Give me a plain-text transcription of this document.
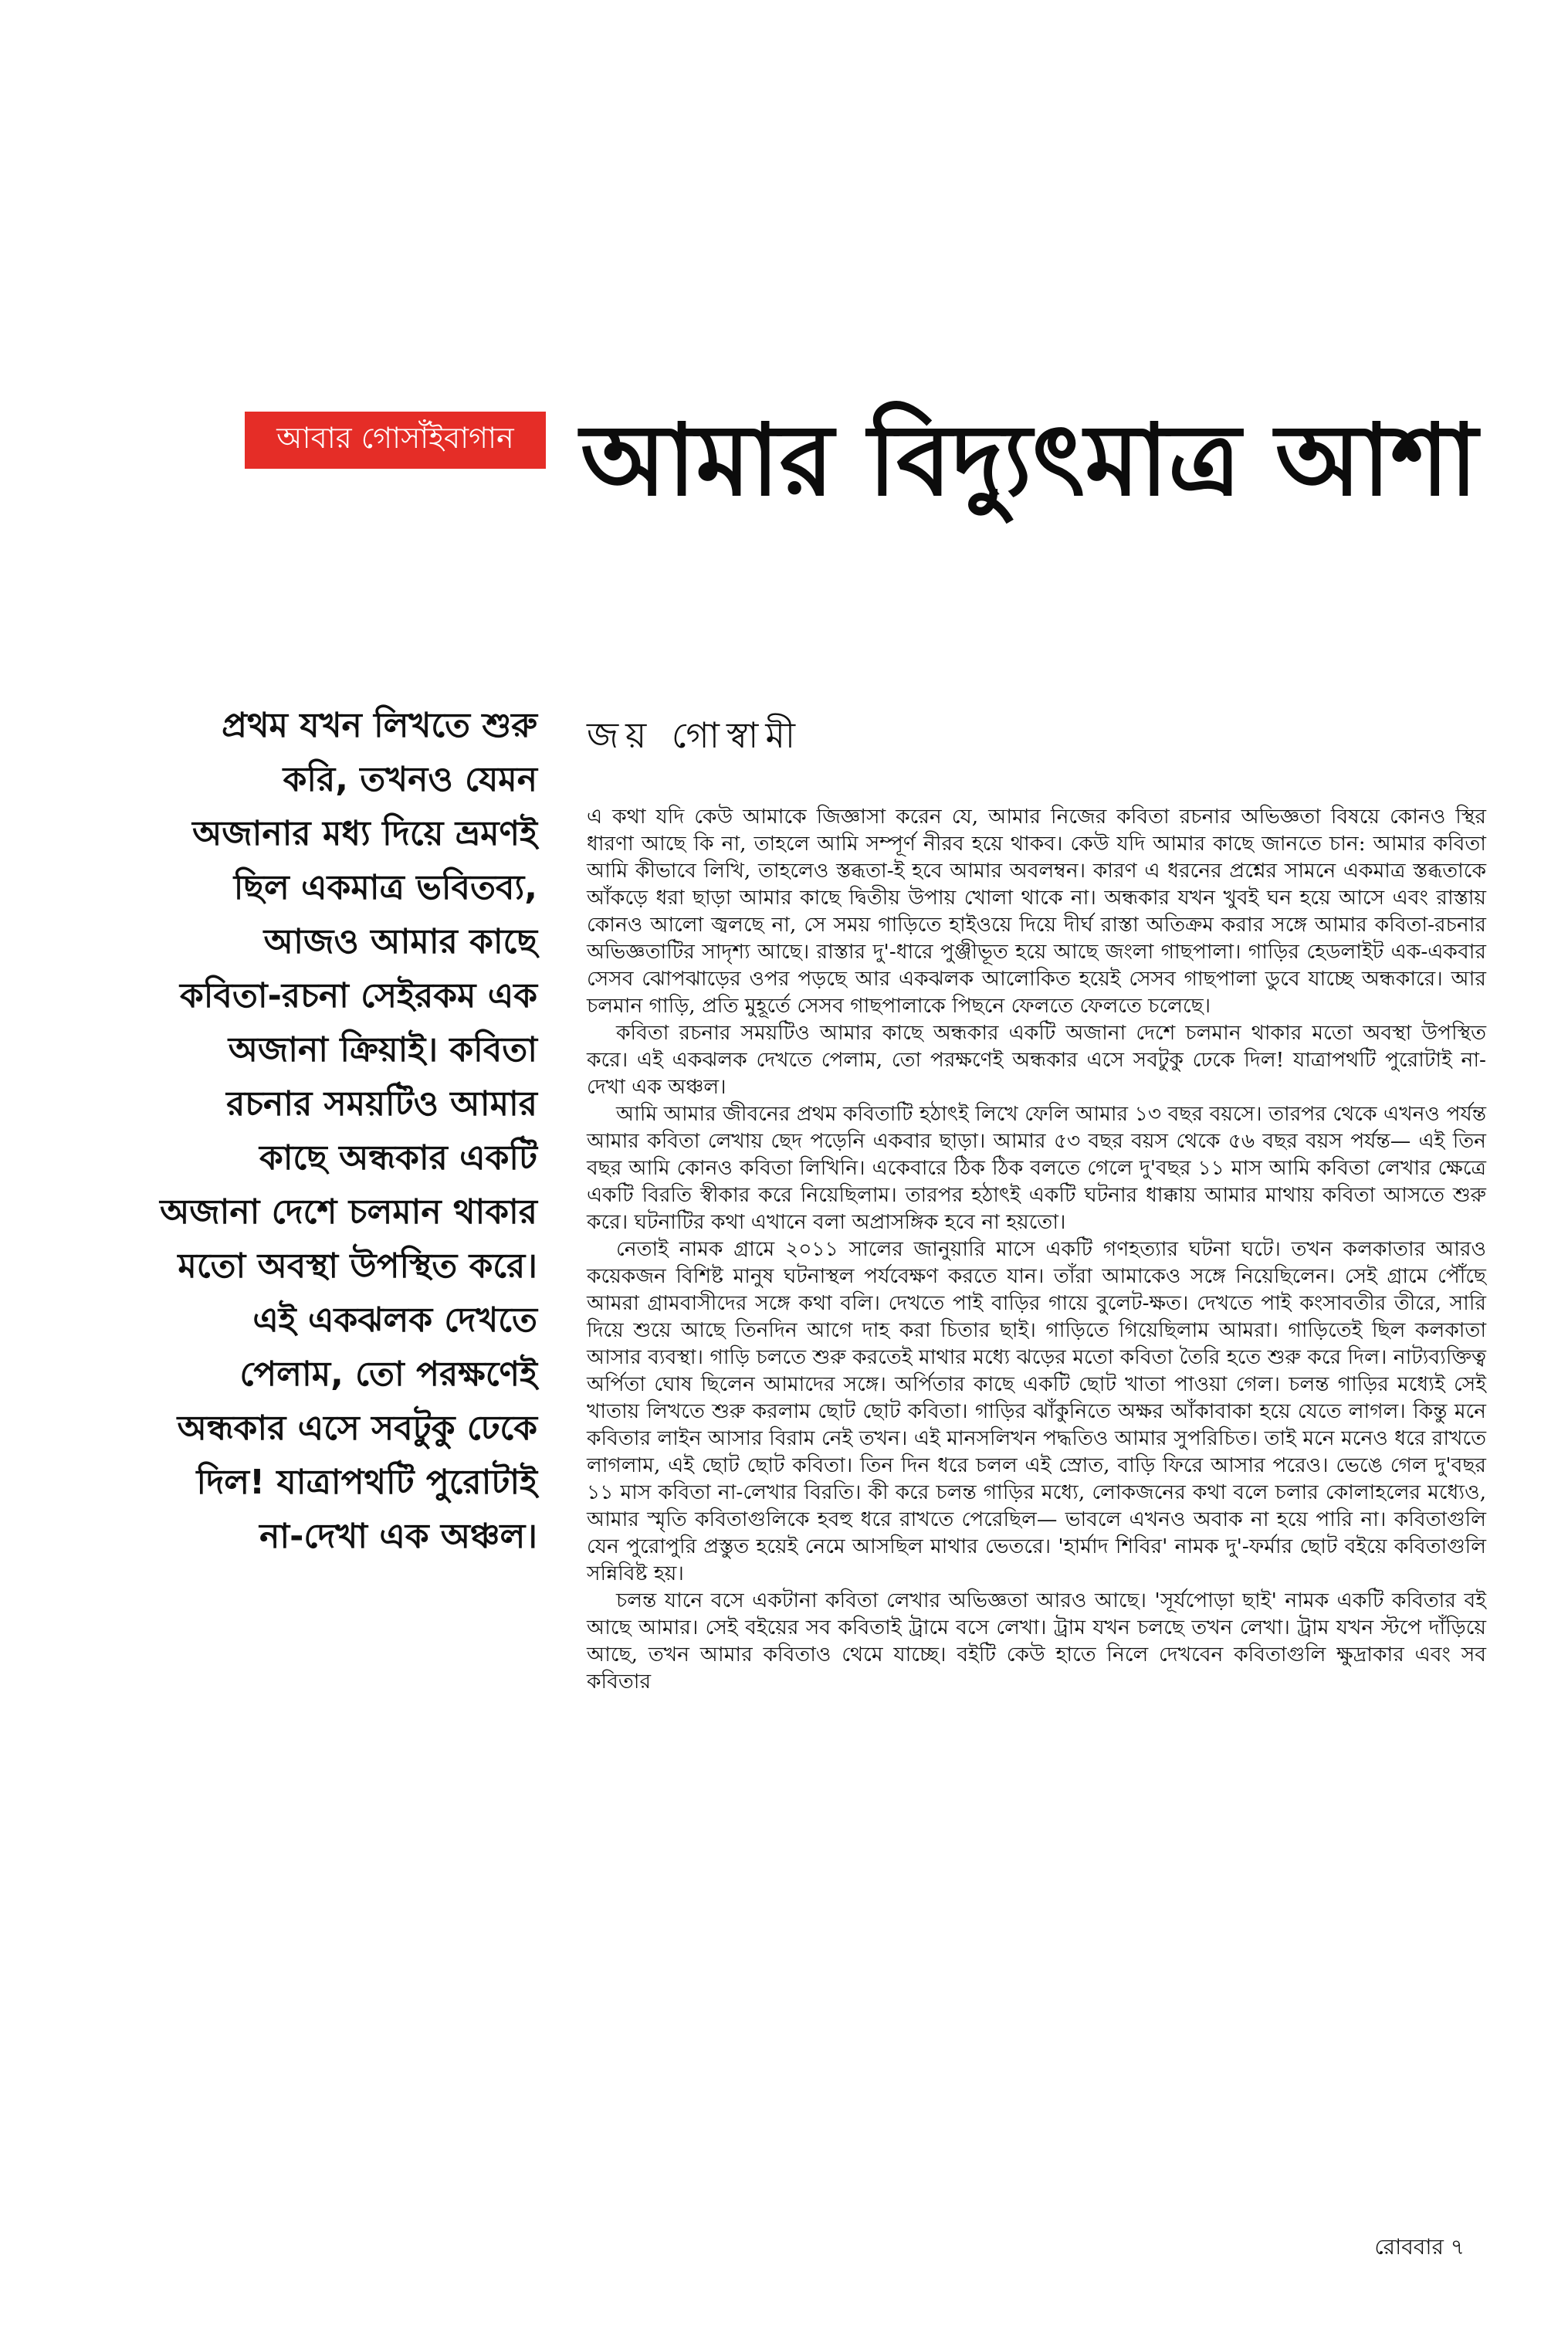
আবার গোসাঁইবাগান আমার বিদ্যুৎমাত্র আশা
জয় গোস্বামী

প্রথম যখন লিখতে শুরু করি, তখনও যেমন অজানার মধ্য দিয়ে ভ্রমণই ছিল একমাত্র ভবিতব্য, আজও আমার কাছে কবিতা-রচনা সেইরকম এক অজানা ক্রিয়াই। কবিতা রচনার সময়টিও আমার কাছে অন্ধকার একটি অজানা দেশে চলমান থাকার মতো অবস্থা উপস্থিত করে। এই একঝলক দেখতে পেলাম, তো পরক্ষণেই অন্ধকার এসে সবটুকু ঢেকে দিল! যাত্রাপথটি পুরোটাই না-দেখা এক অঞ্চল।

এ কথা যদি কেউ আমাকে জিজ্ঞাসা করেন যে, আমার নিজের কবিতা রচনার অভিজ্ঞতা বিষয়ে কোনও স্থির ধারণা আছে কি না, তাহলে আমি সম্পূর্ণ নীরব হয়ে থাকব। কেউ যদি আমার কাছে জানতে চান: আমার কবিতা আমি কীভাবে লিখি, তাহলেও স্তব্ধতা-ই হবে আমার অবলম্বন। কারণ এ ধরনের প্রশ্নের সামনে একমাত্র স্তব্ধতাকে আঁকড়ে ধরা ছাড়া আমার কাছে দ্বিতীয় উপায় খোলা থাকে না। অন্ধকার যখন খুবই ঘন হয়ে আসে এবং রাস্তায় কোনও আলো জ্বলছে না, সে সময় গাড়িতে হাইওয়ে দিয়ে দীর্ঘ রাস্তা অতিক্রম করার সঙ্গে আমার কবিতা-রচনার অভিজ্ঞতাটির সাদৃশ্য আছে। রাস্তার দু'-ধারে পুঞ্জীভূত হয়ে আছে জংলা গাছপালা। গাড়ির হেডলাইট এক-একবার সেসব ঝোপঝাড়ের ওপর পড়ছে আর একঝলক আলোকিত হয়েই সেসব গাছপালা ডুবে যাচ্ছে অন্ধকারে। আর চলমান গাড়ি, প্রতি মুহূর্তে সেসব গাছপালাকে পিছনে ফেলতে ফেলতে চলেছে।

কবিতা রচনার সময়টিও আমার কাছে অন্ধকার একটি অজানা দেশে চলমান থাকার মতো অবস্থা উপস্থিত করে। এই একঝলক দেখতে পেলাম, তো পরক্ষণেই অন্ধকার এসে সবটুকু ঢেকে দিল! যাত্রাপথটি পুরোটাই না-দেখা এক অঞ্চল।

আমি আমার জীবনের প্রথম কবিতাটি হঠাৎই লিখে ফেলি আমার ১৩ বছর বয়সে। তারপর থেকে এখনও পর্যন্ত আমার কবিতা লেখায় ছেদ পড়েনি একবার ছাড়া। আমার ৫৩ বছর বয়স থেকে ৫৬ বছর বয়স পর্যন্ত— এই তিন বছর আমি কোনও কবিতা লিখিনি। একেবারে ঠিক ঠিক বলতে গেলে দু'বছর ১১ মাস আমি কবিতা লেখার ক্ষেত্রে একটি বিরতি স্বীকার করে নিয়েছিলাম। তারপর হঠাৎই একটি ঘটনার ধাক্কায় আমার মাথায় কবিতা আসতে শুরু করে। ঘটনাটির কথা এখানে বলা অপ্রাসঙ্গিক হবে না হয়তো।

নেতাই নামক গ্রামে ২০১১ সালের জানুয়ারি মাসে একটি গণহত্যার ঘটনা ঘটে। তখন কলকাতার আরও কয়েকজন বিশিষ্ট মানুষ ঘটনাস্থল পর্যবেক্ষণ করতে যান। তাঁরা আমাকেও সঙ্গে নিয়েছিলেন। সেই গ্রামে পৌঁছে আমরা গ্রামবাসীদের সঙ্গে কথা বলি। দেখতে পাই বাড়ির গায়ে বুলেট-ক্ষত। দেখতে পাই কংসাবতীর তীরে, সারি দিয়ে শুয়ে আছে তিনদিন আগে দাহ করা চিতার ছাই। গাড়িতে গিয়েছিলাম আমরা। গাড়িতেই ছিল কলকাতা আসার ব্যবস্থা। গাড়ি চলতে শুরু করতেই মাথার মধ্যে ঝড়ের মতো কবিতা তৈরি হতে শুরু করে দিল। নাট্যব্যক্তিত্ব অর্পিতা ঘোষ ছিলেন আমাদের সঙ্গে। অর্পিতার কাছে একটি ছোট খাতা পাওয়া গেল। চলন্ত গাড়ির মধ্যেই সেই খাতায় লিখতে শুরু করলাম ছোট ছোট কবিতা। গাড়ির ঝাঁকুনিতে অক্ষর আঁকাবাকা হয়ে যেতে লাগল। কিন্তু মনে কবিতার লাইন আসার বিরাম নেই তখন। এই মানসলিখন পদ্ধতিও আমার সুপরিচিত। তাই মনে মনেও ধরে রাখতে লাগলাম, এই ছোট ছোট কবিতা। তিন দিন ধরে চলল এই স্রোত, বাড়ি ফিরে আসার পরেও। ভেঙে গেল দু'বছর ১১ মাস কবিতা না-লেখার বিরতি। কী করে চলন্ত গাড়ির মধ্যে, লোকজনের কথা বলে চলার কোলাহলের মধ্যেও, আমার স্মৃতি কবিতাগুলিকে হবহু ধরে রাখতে পেরেছিল— ভাবলে এখনও অবাক না হয়ে পারি না। কবিতাগুলি যেন পুরোপুরি প্রস্তুত হয়েই নেমে আসছিল মাথার ভেতরে। 'হার্মাদ শিবির' নামক দু'-ফর্মার ছোট বইয়ে কবিতাগুলি সন্নিবিষ্ট হয়।

চলন্ত যানে বসে একটানা কবিতা লেখার অভিজ্ঞতা আরও আছে। 'সূর্যপোড়া ছাই' নামক একটি কবিতার বই আছে আমার। সেই বইয়ের সব কবিতাই ট্রামে বসে লেখা। ট্রাম যখন চলছে তখন লেখা। ট্রাম যখন স্টপে দাঁড়িয়ে আছে, তখন আমার কবিতাও থেমে যাচ্ছে। বইটি কেউ হাতে নিলে দেখবেন কবিতাগুলি ক্ষুদ্রাকার এবং সব কবিতার

রোববার ৭
